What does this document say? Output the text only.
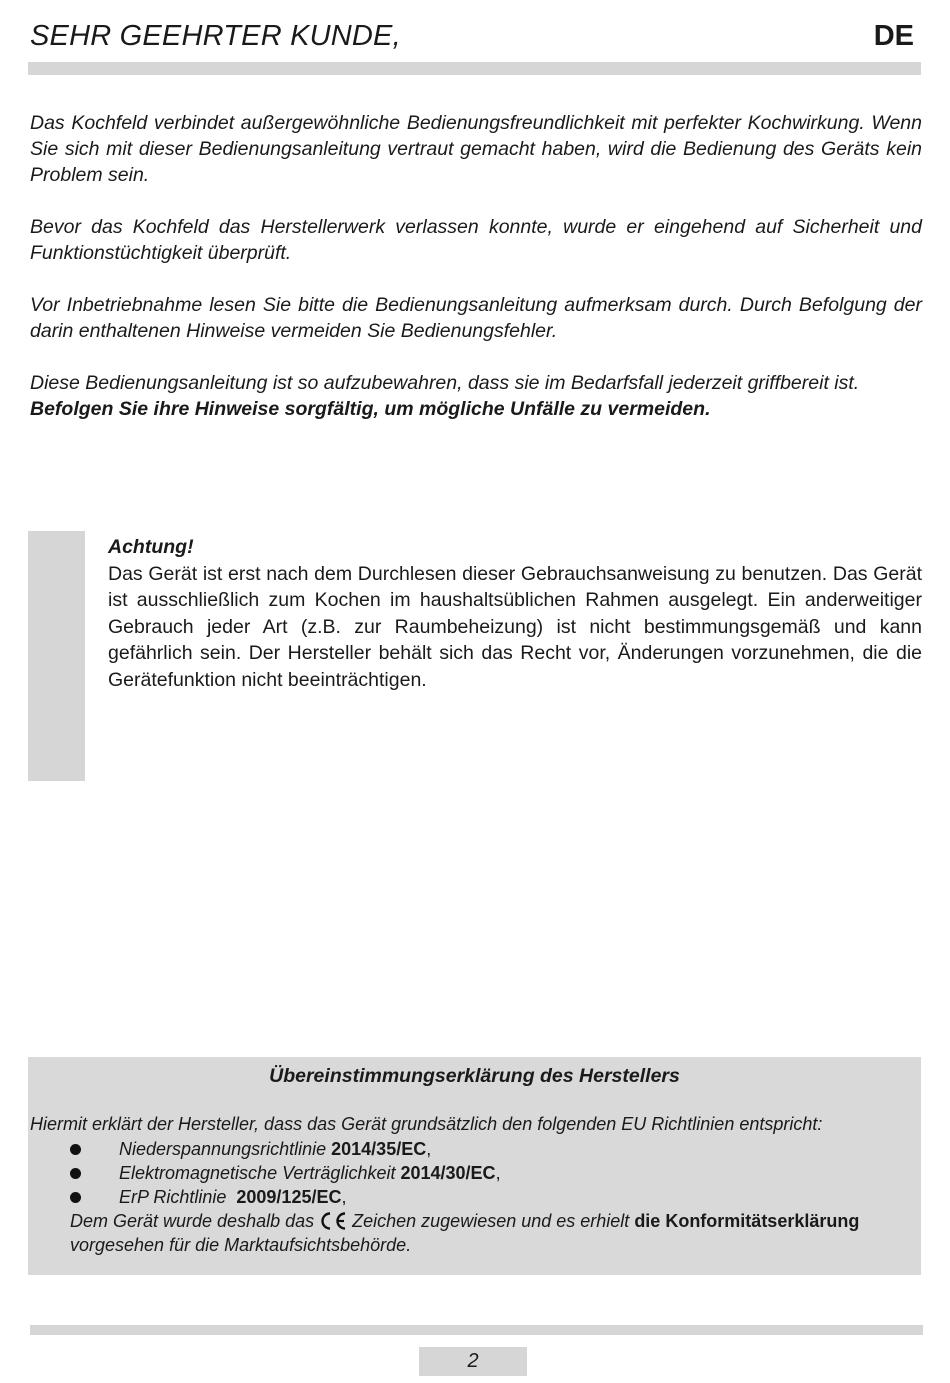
SEHR GEEHRTER KUNDE,	DE

Das Kochfeld verbindet außergewöhnliche Bedienungsfreundlichkeit mit perfekter Kochwirkung. Wenn Sie sich mit dieser Bedienungsanleitung vertraut gemacht haben, wird die Bedienung des Geräts kein Problem sein.

Bevor das Kochfeld das Herstellerwerk verlassen konnte, wurde er eingehend auf Sicherheit und Funktionstüchtigkeit überprüft.

Vor Inbetriebnahme lesen Sie bitte die Bedienungsanleitung aufmerksam durch. Durch Befolgung der darin enthaltenen Hinweise vermeiden Sie Bedienungsfehler.

Diese Bedienungsanleitung ist so aufzubewahren, dass sie im Bedarfsfall jederzeit griffbereit ist.
Befolgen Sie ihre Hinweise sorgfältig, um mögliche Unfälle zu vermeiden.

Achtung!
Das Gerät ist erst nach dem Durchlesen dieser Gebrauchsanweisung zu benutzen. Das Gerät ist ausschließlich zum Kochen im haushaltsüblichen Rahmen ausgelegt. Ein anderweitiger Gebrauch jeder Art (z.B. zur Raumbeheizung) ist nicht bestimmungsgemäß und kann gefährlich sein. Der Hersteller behält sich das Recht vor, Änderungen vorzunehmen, die die Gerätefunktion nicht beeinträchtigen.
Übereinstimmungserklärung des Herstellers
Hiermit erklärt der Hersteller, dass das Gerät grundsätzlich den folgenden EU Richtlinien entspricht:
Niederspannungsrichtlinie
2014/35/EC ,
Elektromagnetische Verträglichkeit
2014/30/EC ,
ErP Richtlinie
2009/125/EC ,
Dem Gerät wurde deshalb das Zeichen zugewiesen und es erhielt die Konformitätserklärung
vorgesehen für die Marktaufsichtsbehörde.
2
